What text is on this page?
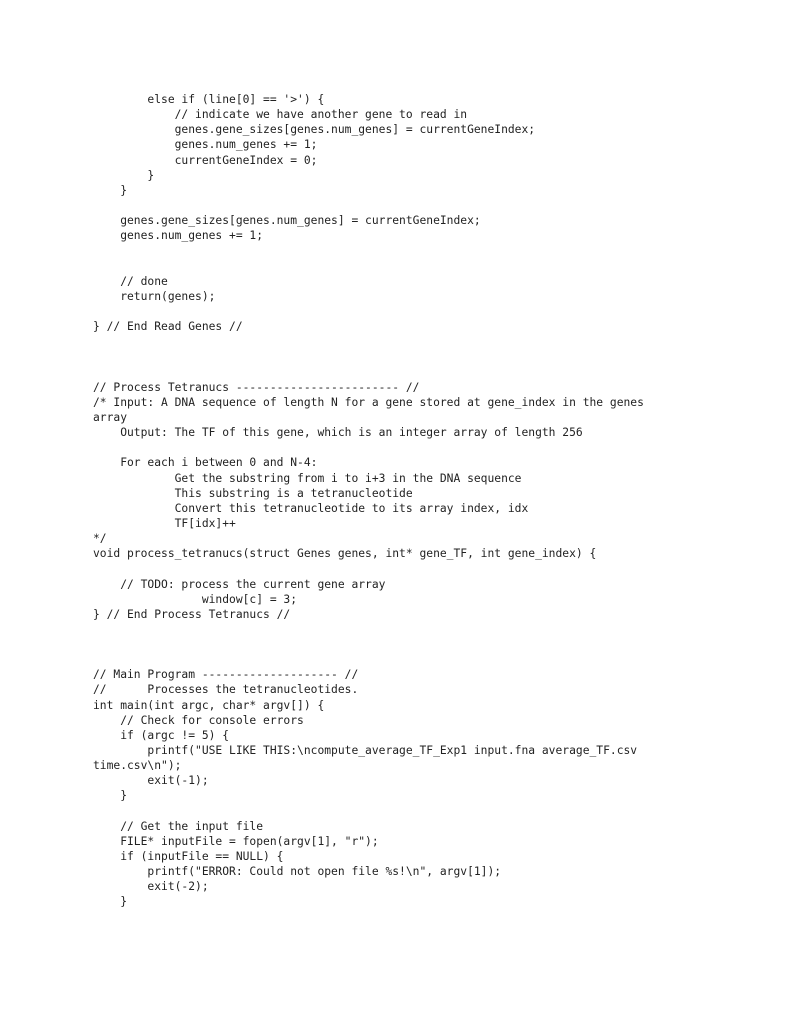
else if (line[0] == '>') {
// indicate we have another gene to read in
genes.gene_sizes[genes.num_genes] = currentGeneIndex;
genes.num_genes += 1;
currentGeneIndex = 0;
}
}
genes.gene_sizes[genes.num_genes] = currentGeneIndex;
genes.num_genes += 1;
// done
return(genes);
} // End Read Genes //
// Process Tetranucs ------------------------ //
/* Input: A DNA sequence of length N for a gene stored at gene_index in the genes
array
Output: The TF of this gene, which is an integer array of length 256
For each i between 0 and N-4:
Get the substring from i to i+3 in the DNA sequence
This substring is a tetranucleotide
Convert this tetranucleotide to its array index, idx
TF[idx]++
*/
void process_tetranucs(struct Genes genes, int* gene_TF, int gene_index) {
// TODO: process the current gene array
window[c] = 3;
} // End Process Tetranucs //
// Main Program -------------------- //
//      Processes the tetranucleotides.
int main(int argc, char* argv[]) {
// Check for console errors
if (argc != 5) {
printf("USE LIKE THIS:\ncompute_average_TF_Exp1 input.fna average_TF.csv
time.csv\n");
exit(-1);
}
// Get the input file
FILE* inputFile = fopen(argv[1], "r");
if (inputFile == NULL) {
printf("ERROR: Could not open file %s!\n", argv[1]);
exit(-2);
}
